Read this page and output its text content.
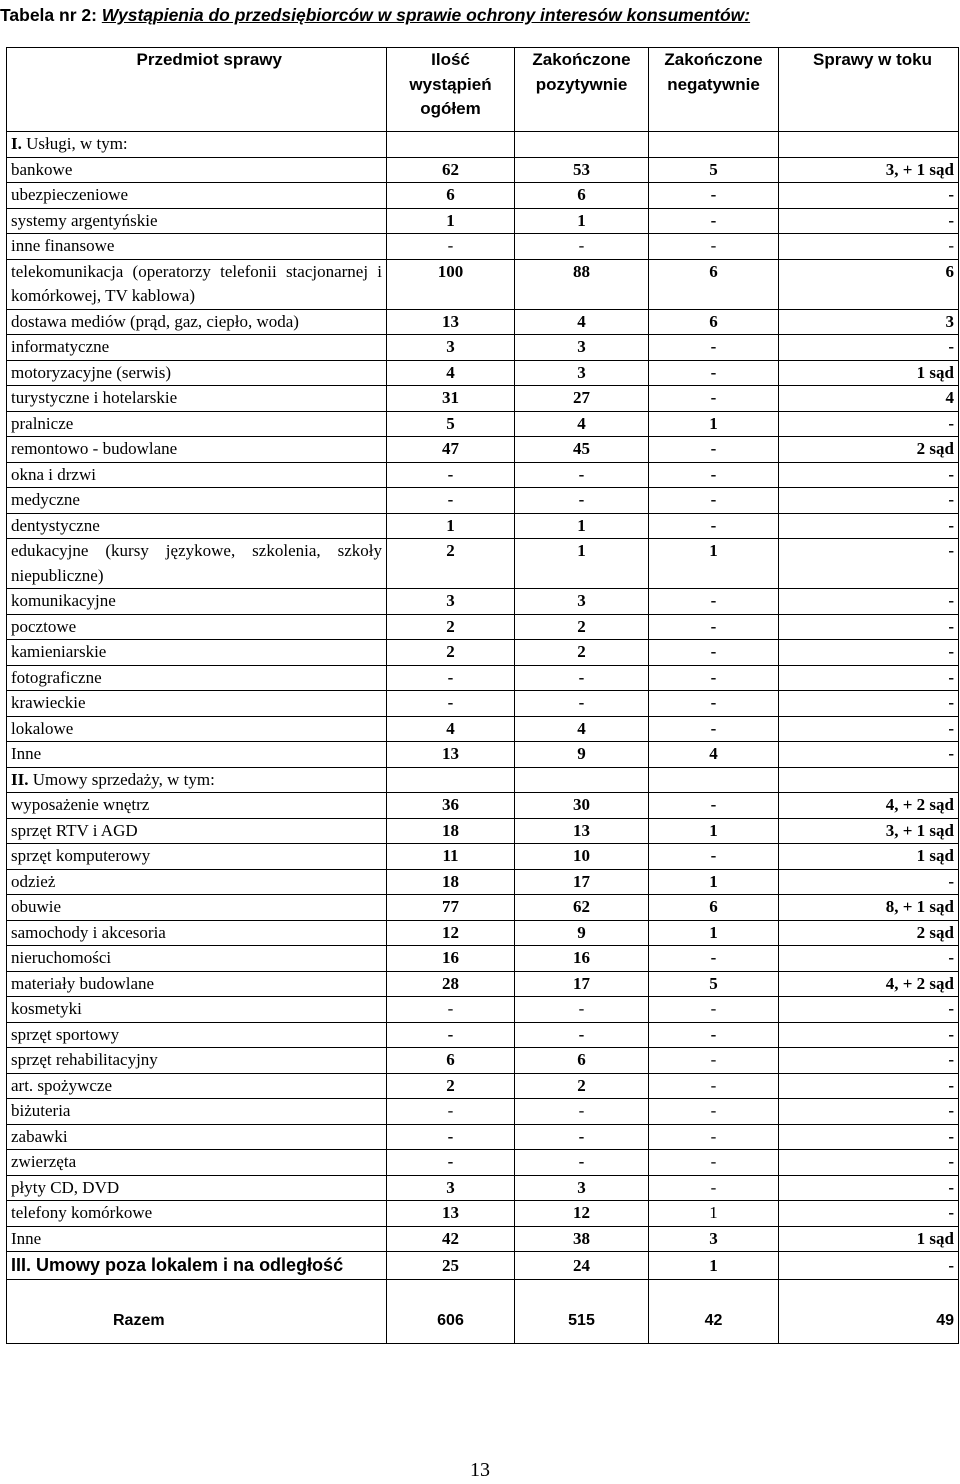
Tabela nr 2: Wystąpienia do przedsiębiorców w sprawie ochrony interesów konsumentów:
Przedmiot sprawy	Ilość wystąpień ogółem	Zakończone pozytywnie	Zakończone negatywnie	Sprawy w toku
I. Usługi, w tym:				
bankowe	62	53	5	3, + 1 sąd
ubezpieczeniowe	6	6	-	-
systemy argentyńskie	1	1	-	-
inne finansowe	-	-	-	-
telekomunikacja (operatorzy telefonii stacjonarnej i komórkowej, TV kablowa)	100	88	6	6
dostawa mediów (prąd, gaz, ciepło, woda)	13	4	6	3
informatyczne	3	3	-	-
motoryzacyjne (serwis)	4	3	-	1 sąd
turystyczne i hotelarskie	31	27	-	4
pralnicze	5	4	1	-
remontowo - budowlane	47	45	-	2 sąd
okna i drzwi	-	-	-	-
medyczne	-	-	-	-
dentystyczne	1	1	-	-
edukacyjne (kursy językowe, szkolenia, szkoły niepubliczne)	2	1	1	-
komunikacyjne	3	3	-	-
pocztowe	2	2	-	-
kamieniarskie	2	2	-	-
fotograficzne	-	-	-	-
krawieckie	-	-	-	-
lokalowe	4	4	-	-
Inne	13	9	4	-
II. Umowy sprzedaży, w tym:				
wyposażenie wnętrz	36	30	-	4, + 2 sąd
sprzęt RTV i AGD	18	13	1	3, + 1 sąd
sprzęt komputerowy	11	10	-	1 sąd
odzież	18	17	1	-
obuwie	77	62	6	8, + 1 sąd
samochody i akcesoria	12	9	1	2 sąd
nieruchomości	16	16	-	-
materiały budowlane	28	17	5	4, + 2 sąd
kosmetyki	-	-	-	-
sprzęt sportowy	-	-	-	-
sprzęt rehabilitacyjny	6	6	-	-
art. spożywcze	2	2	-	-
biżuteria	-	-	-	-
zabawki	-	-	-	-
zwierzęta	-	-	-	-
płyty CD, DVD	3	3	-	-
telefony komórkowe	13	12	1	-
Inne	42	38	3	1 sąd
III. Umowy poza lokalem i na odległość	25	24	1	-
Razem	606	515	42	49
13
